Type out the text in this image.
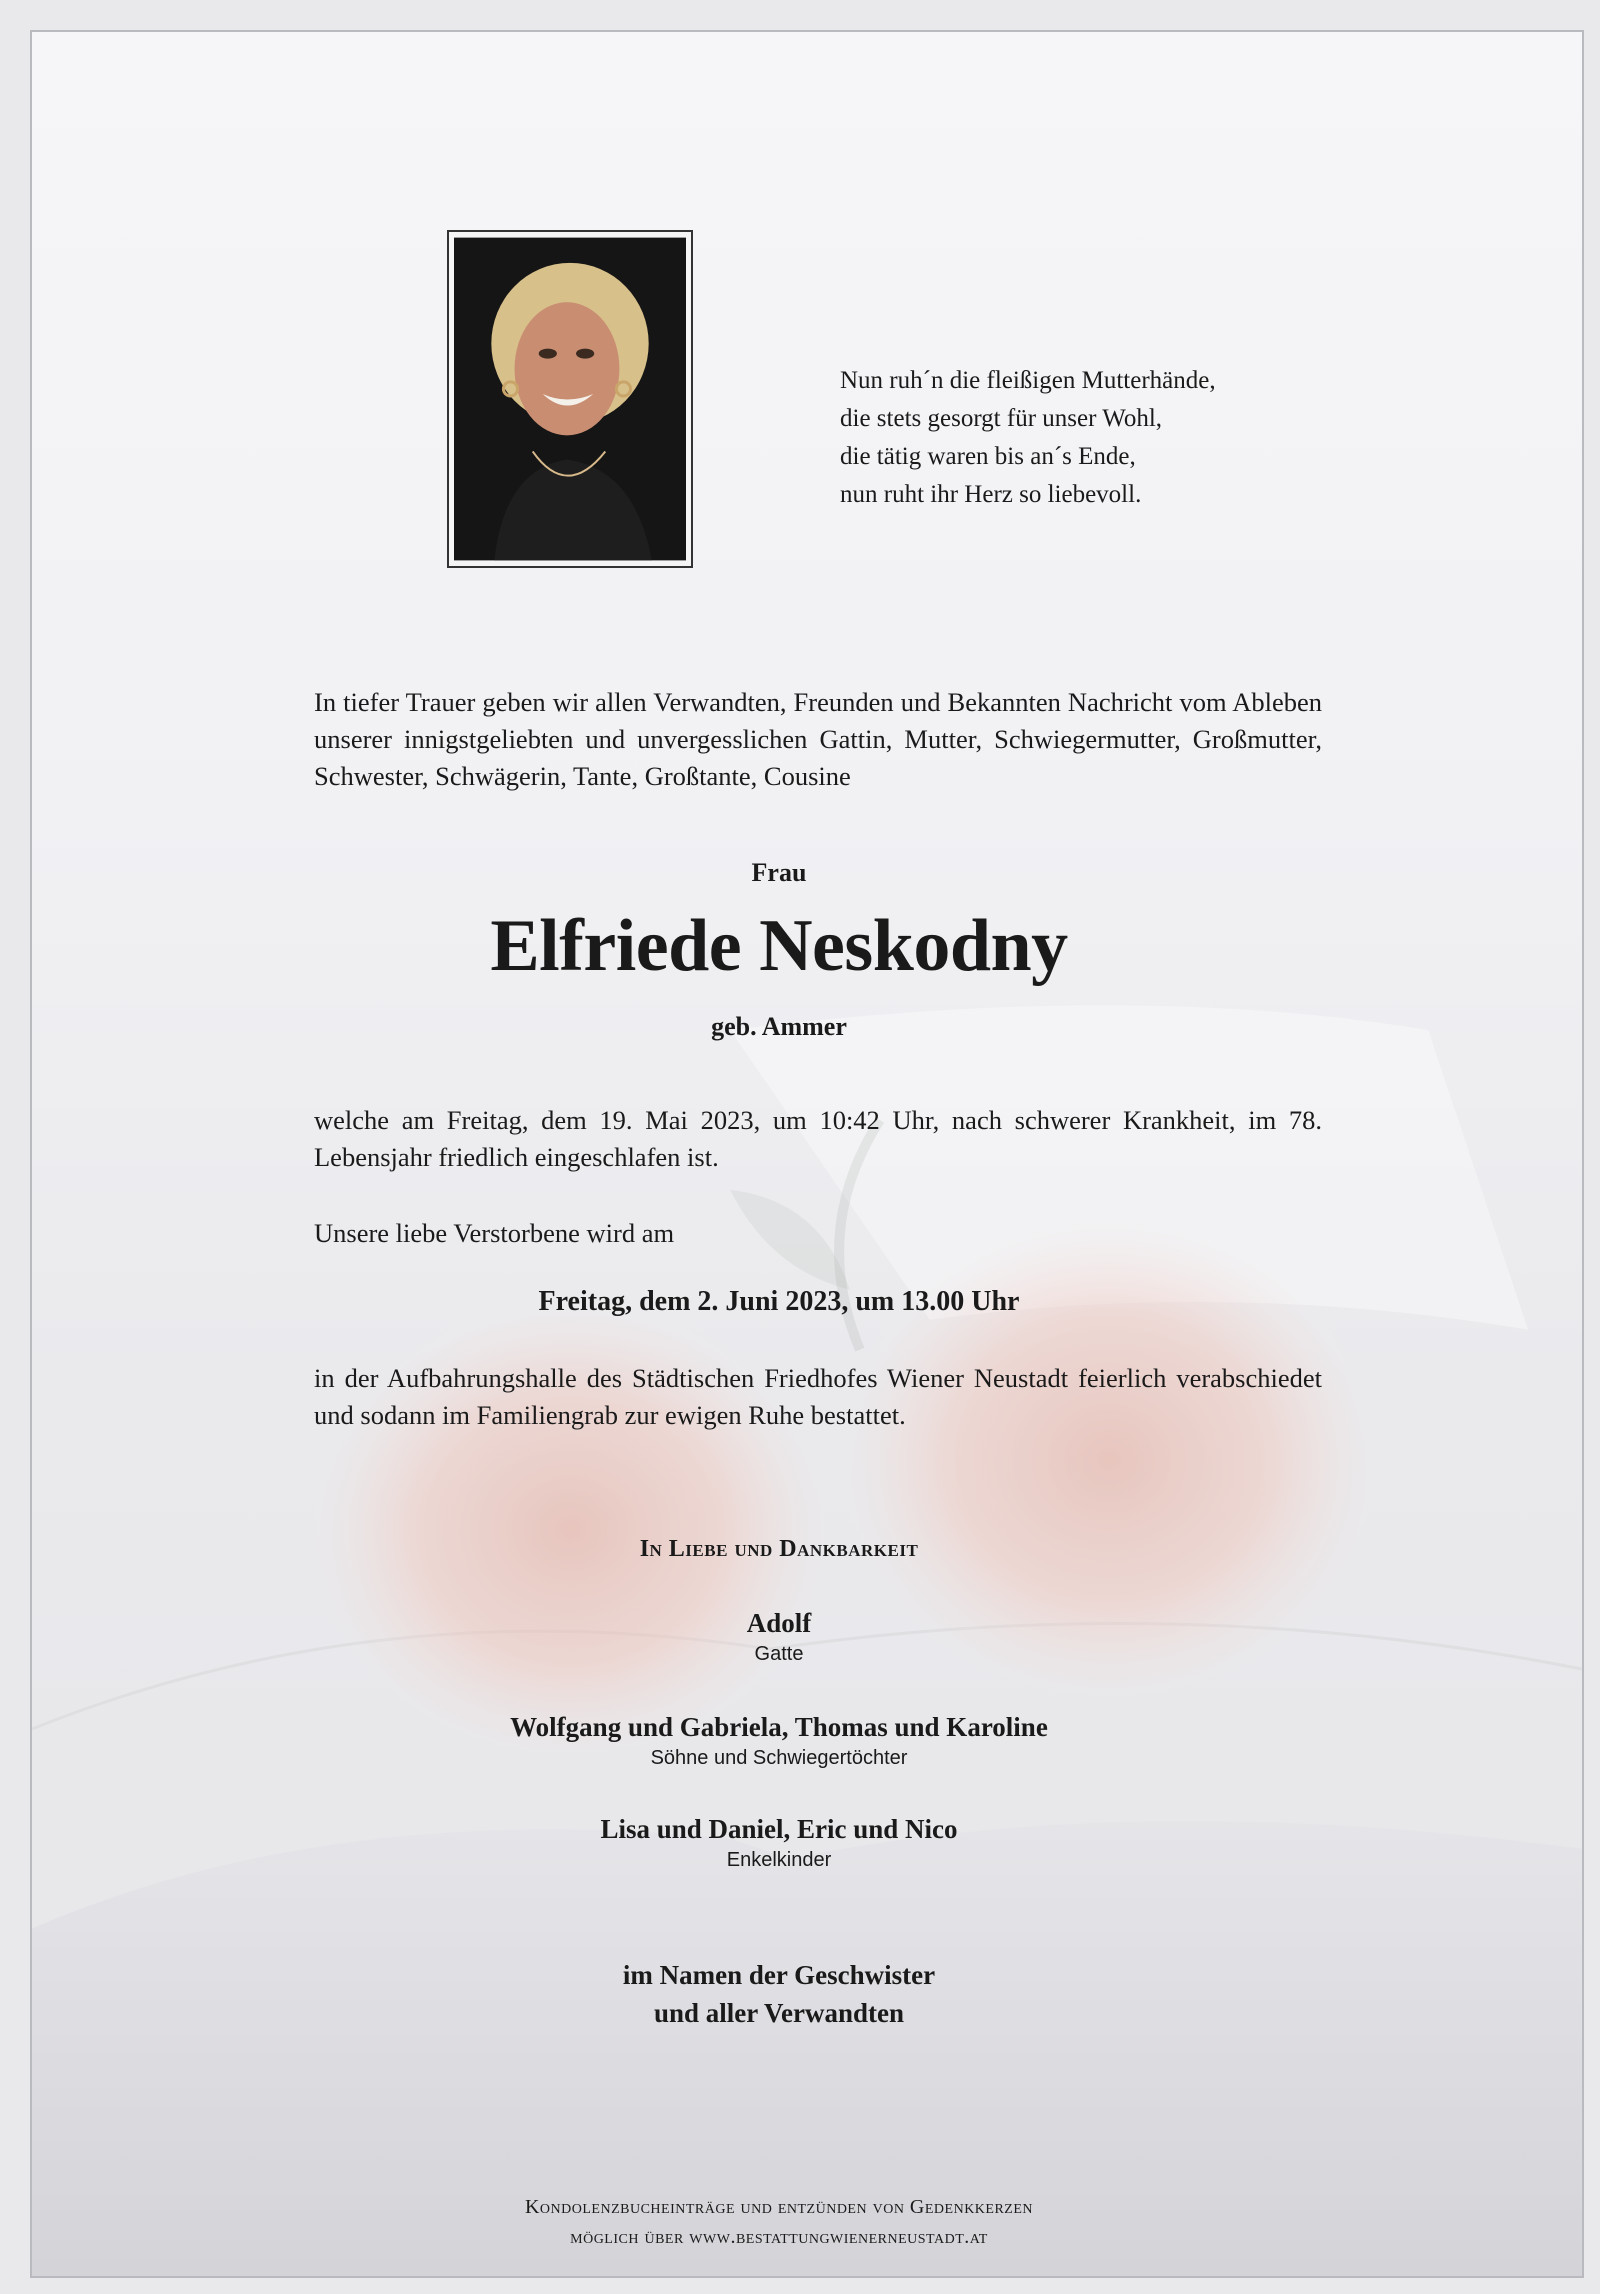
Nun ruh´n die fleißigen Mutterhände,
die stets gesorgt für unser Wohl,
die tätig waren bis an´s Ende,
nun ruht ihr Herz so liebevoll.
In tiefer Trauer geben wir allen Verwandten, Freunden und Bekannten Nachricht vom Ableben unserer innigstgeliebten und unvergesslichen Gattin, Mutter, Schwiegermutter, Großmutter, Schwester, Schwägerin, Tante, Großtante, Cousine
Frau
Elfriede Neskodny
geb. Ammer
welche am Freitag, dem 19. Mai 2023, um 10:42 Uhr, nach schwerer Krankheit, im 78. Lebensjahr friedlich eingeschlafen ist.
Unsere liebe Verstorbene wird am
Freitag, dem 2. Juni 2023, um 13.00 Uhr
in der Aufbahrungshalle des Städtischen Friedhofes Wiener Neustadt feierlich verabschiedet und sodann im Familiengrab zur ewigen Ruhe bestattet.
In Liebe und Dankbarkeit
Adolf
Gatte
Wolfgang und Gabriela, Thomas und Karoline
Söhne und Schwiegertöchter
Lisa und Daniel, Eric und Nico
Enkelkinder
im Namen der Geschwister
und aller Verwandten
Kondolenzbucheinträge und entzünden von Gedenkkerzen
möglich über www.bestattungwienerneustadt.at
